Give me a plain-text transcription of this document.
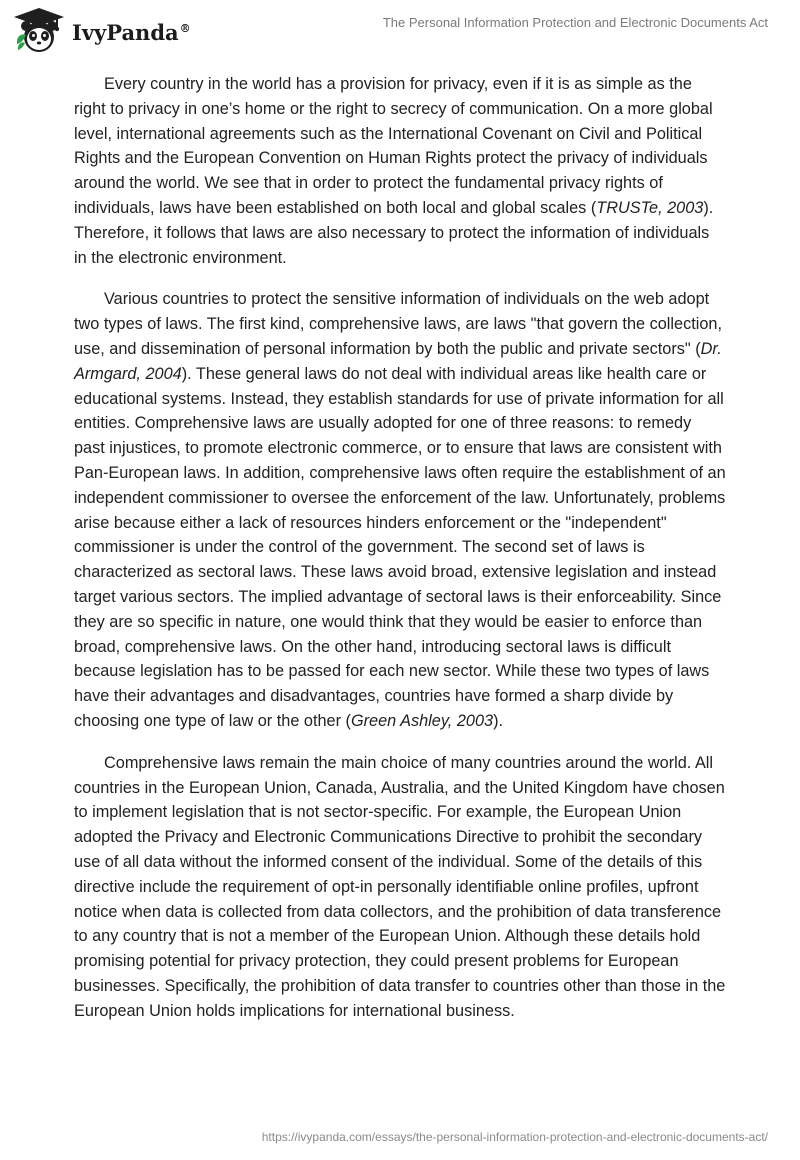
IvyPanda®	The Personal Information Protection and Electronic Documents Act

Every country in the world has a provision for privacy, even if it is as simple as the right to privacy in one’s home or the right to secrecy of communication. On a more global level, international agreements such as the International Covenant on Civil and Political Rights and the European Convention on Human Rights protect the privacy of individuals around the world. We see that in order to protect the fundamental privacy rights of individuals, laws have been established on both local and global scales (TRUSTe, 2003). Therefore, it follows that laws are also necessary to protect the information of individuals in the electronic environment.

Various countries to protect the sensitive information of individuals on the web adopt two types of laws. The first kind, comprehensive laws, are laws "that govern the collection, use, and dissemination of personal information by both the public and private sectors" (Dr. Armgard, 2004). These general laws do not deal with individual areas like health care or educational systems. Instead, they establish standards for use of private information for all entities. Comprehensive laws are usually adopted for one of three reasons: to remedy past injustices, to promote electronic commerce, or to ensure that laws are consistent with Pan-European laws. In addition, comprehensive laws often require the establishment of an independent commissioner to oversee the enforcement of the law. Unfortunately, problems arise because either a lack of resources hinders enforcement or the "independent" commissioner is under the control of the government. The second set of laws is characterized as sectoral laws. These laws avoid broad, extensive legislation and instead target various sectors. The implied advantage of sectoral laws is their enforceability. Since they are so specific in nature, one would think that they would be easier to enforce than broad, comprehensive laws. On the other hand, introducing sectoral laws is difficult because legislation has to be passed for each new sector. While these two types of laws have their advantages and disadvantages, countries have formed a sharp divide by choosing one type of law or the other (Green Ashley, 2003).

Comprehensive laws remain the main choice of many countries around the world. All countries in the European Union, Canada, Australia, and the United Kingdom have chosen to implement legislation that is not sector-specific. For example, the European Union adopted the Privacy and Electronic Communications Directive to prohibit the secondary use of all data without the informed consent of the individual. Some of the details of this directive include the requirement of opt-in personally identifiable online profiles, upfront notice when data is collected from data collectors, and the prohibition of data transference to any country that is not a member of the European Union. Although these details hold promising potential for privacy protection, they could present problems for European businesses. Specifically, the prohibition of data transfer to countries other than those in the European Union holds implications for international business.

https://ivypanda.com/essays/the-personal-information-protection-and-electronic-documents-act/
